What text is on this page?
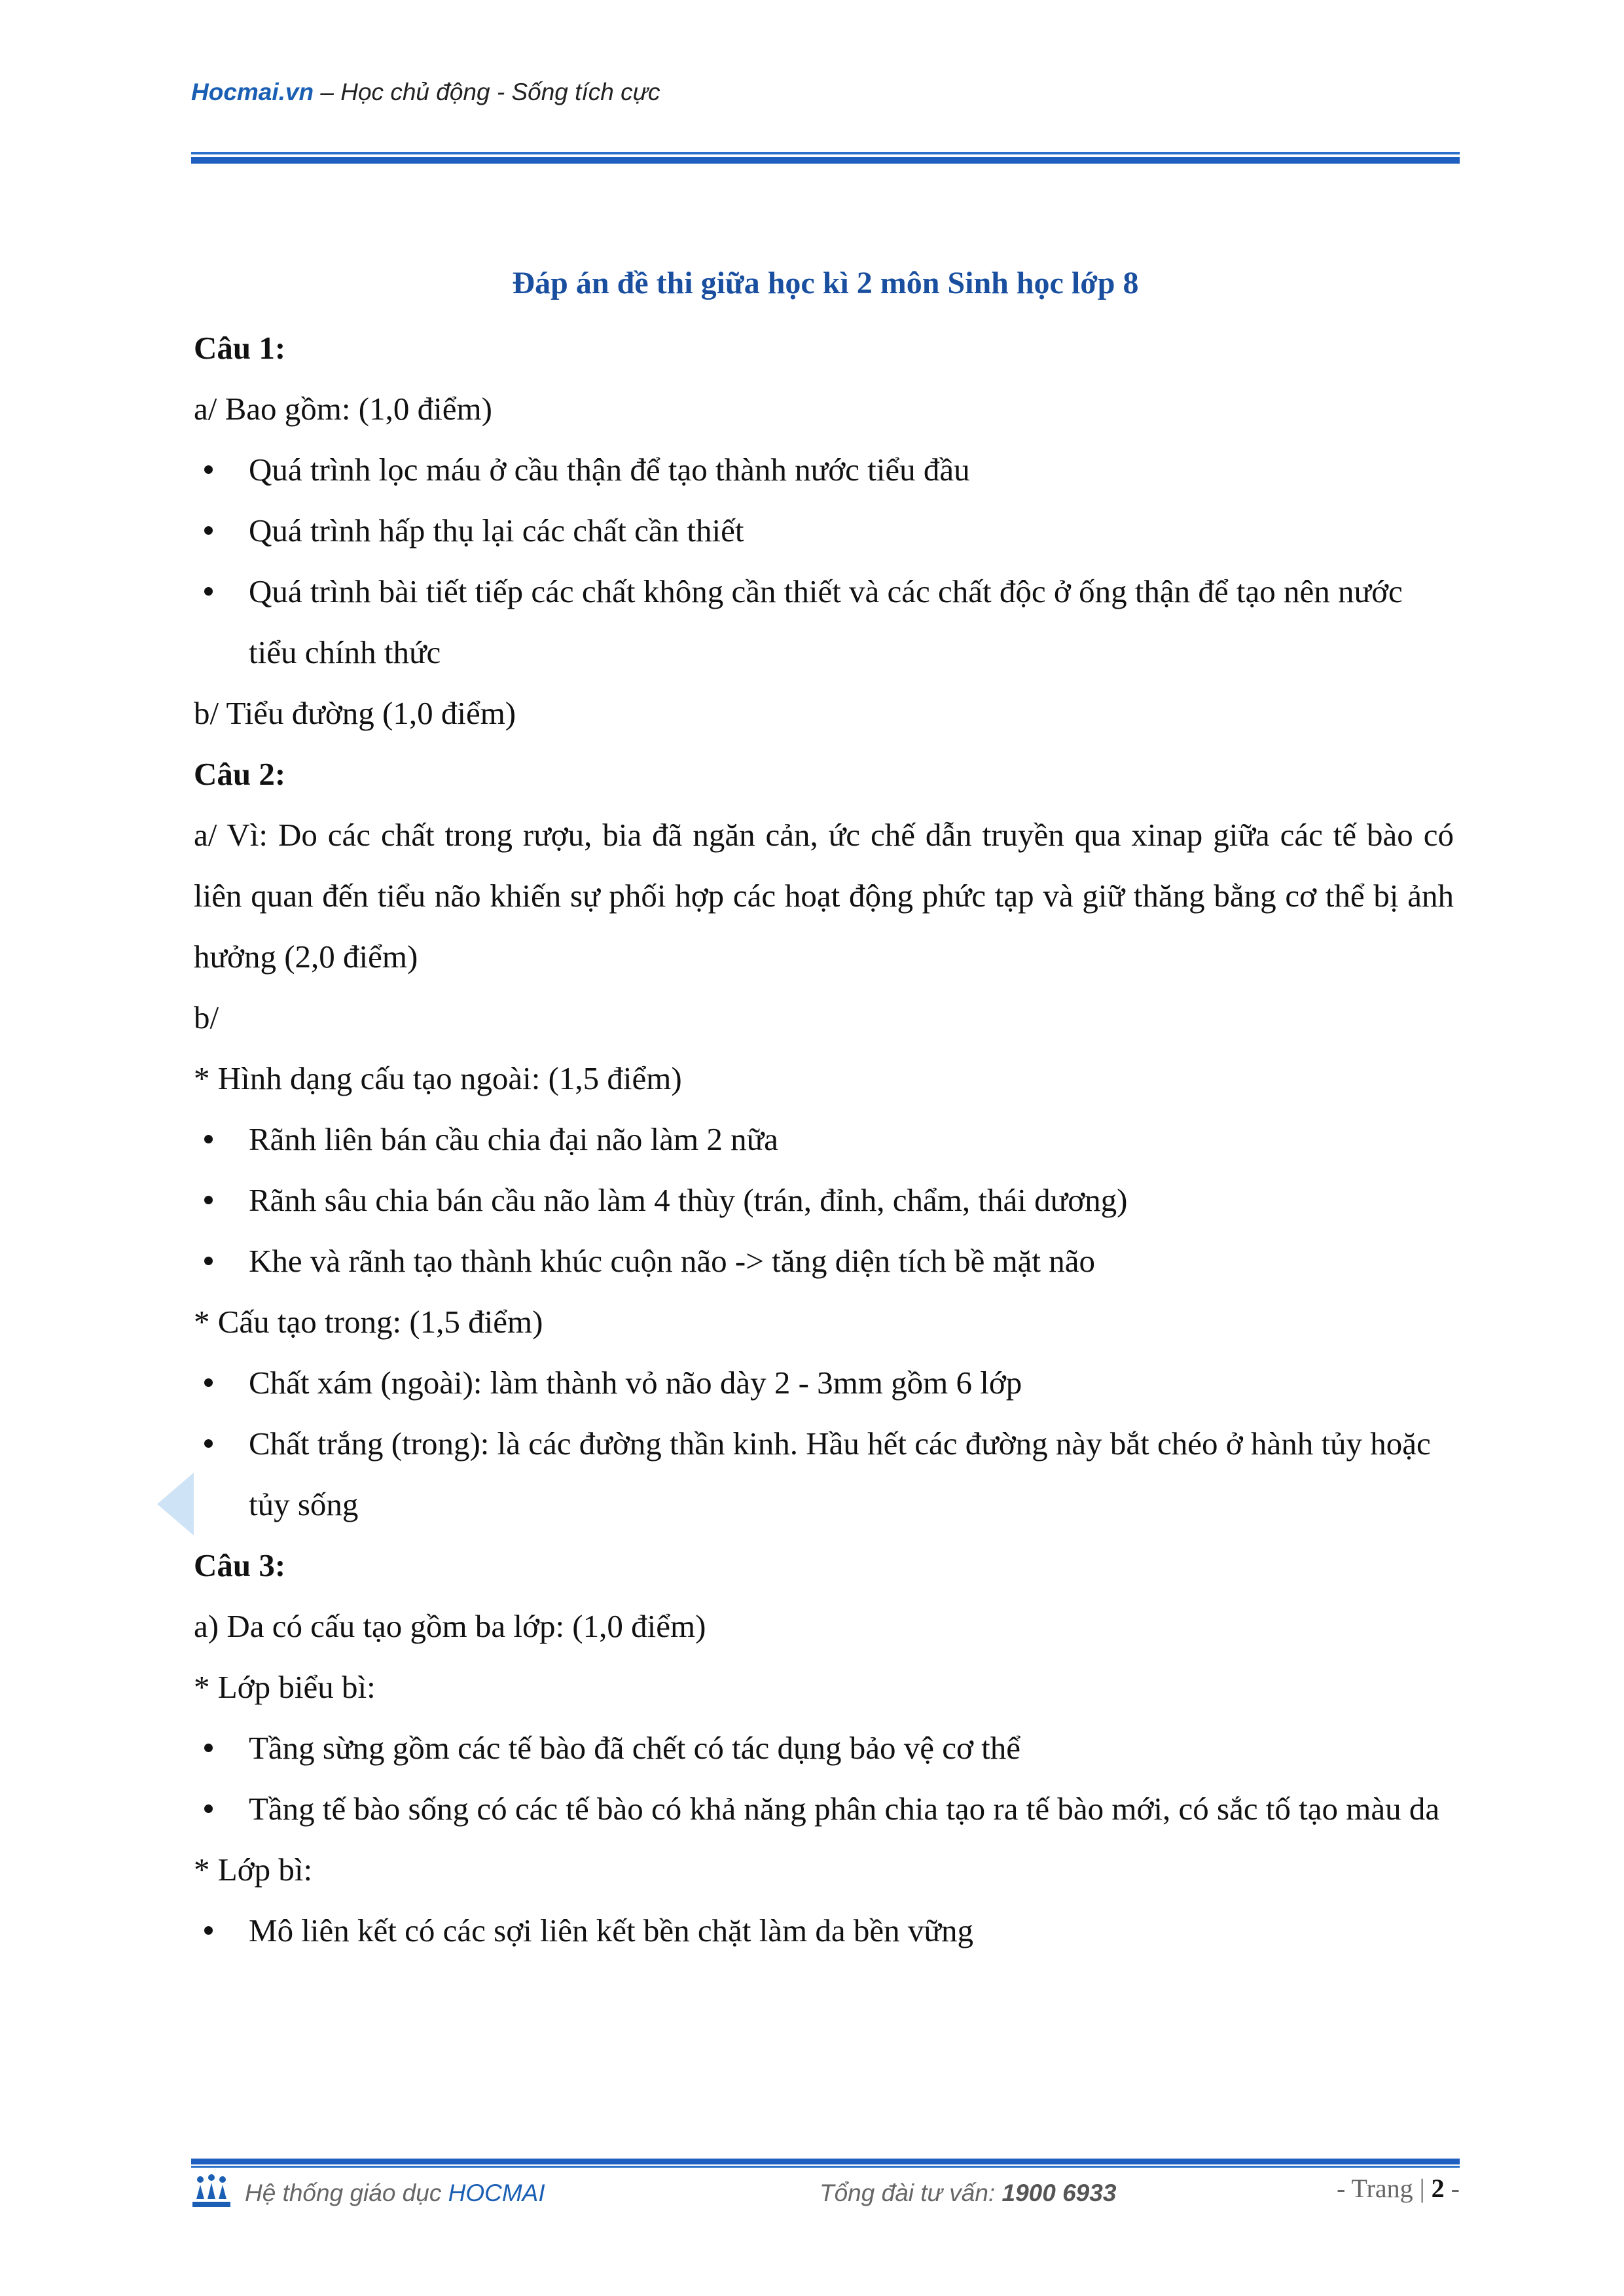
Hocmai.vn – Học chủ động - Sống tích cực
Đáp án đề thi giữa học kì 2 môn Sinh học lớp 8

Câu 1:

a/ Bao gồm: (1,0 điểm)

Quá trình lọc máu ở cầu thận để tạo thành nước tiểu đầu

Quá trình hấp thụ lại các chất cần thiết

Quá trình bài tiết tiếp các chất không cần thiết và các chất độc ở ống thận để tạo nên nước tiểu chính thức

b/ Tiểu đường (1,0 điểm)

Câu 2:

a/ Vì: Do các chất trong rượu, bia đã ngăn cản, ức chế dẫn truyền qua xinap giữa các tế bào có liên quan đến tiểu não khiến sự phối hợp các hoạt động phức tạp và giữ thăng bằng cơ thể bị ảnh hưởng (2,0 điểm)

b/

* Hình dạng cấu tạo ngoài: (1,5 điểm)

Rãnh liên bán cầu chia đại não làm 2 nữa

Rãnh sâu chia bán cầu não làm 4 thùy (trán, đỉnh, chẩm, thái dương)

Khe và rãnh tạo thành khúc cuộn não -> tăng diện tích bề mặt não

* Cấu tạo trong: (1,5 điểm)

Chất xám (ngoài): làm thành vỏ não dày 2 - 3mm gồm 6 lớp

Chất trắng (trong): là các đường thần kinh. Hầu hết các đường này bắt chéo ở hành tủy hoặc tủy sống

Câu 3:

a) Da có cấu tạo gồm ba lớp: (1,0 điểm)

* Lớp biểu bì:

Tầng sừng gồm các tế bào đã chết có tác dụng bảo vệ cơ thể

Tầng tế bào sống có các tế bào có khả năng phân chia tạo ra tế bào mới, có sắc tố tạo màu da

* Lớp bì:

Mô liên kết có các sợi liên kết bền chặt làm da bền vững

Hệ thống giáo dục HOCMAI	Tổng đài tư vấn: 1900 6933	- Trang | 2 -
